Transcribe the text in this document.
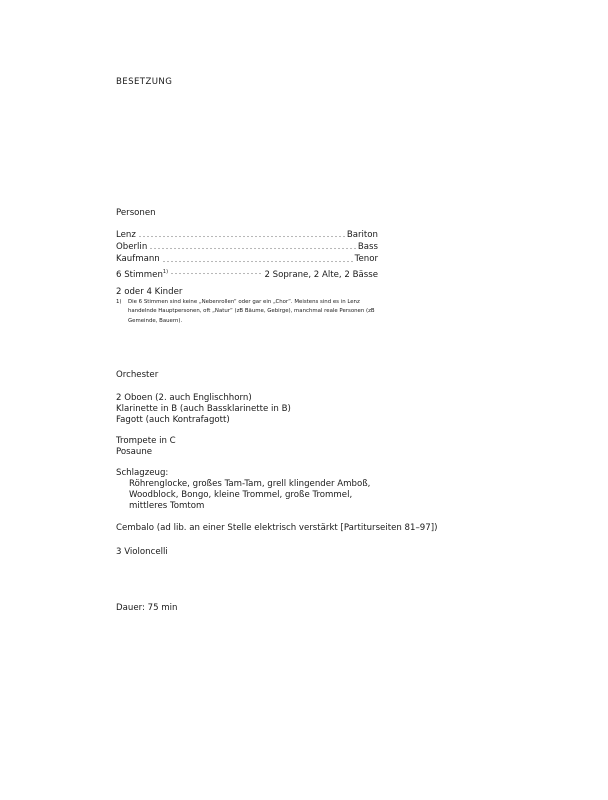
BESETZUNG

Personen

Lenz	Bariton
Oberlin	Bass
Kaufmann	Tenor
6 Stimmen$^{1)}$	2 Soprane, 2 Alte, 2 Bässe

2 oder 4 Kinder

1) Die 6 Stimmen sind keine „Nebenrollen“ oder gar ein „Chor“. Meistens sind es in Lenz handelnde Hauptpersonen, oft „Natur“ (zB Bäume, Gebirge), manchmal reale Personen (zB Gemeinde, Bauern).

Orchester

2 Oboen (2. auch Englischhorn)
Klarinette in B (auch Bassklarinette in B)
Fagott (auch Kontrafagott)
Trompete in C
Posaune
Schlagzeug:
Röhrenglocke, großes Tam-Tam, grell klingender Amboß,
Woodblock, Bongo, kleine Trommel, große Trommel,
mittleres Tomtom

Cembalo (ad lib. an einer Stelle elektrisch verstärkt [Partiturseiten 81–97])

3 Violoncelli

Dauer: 75 min
